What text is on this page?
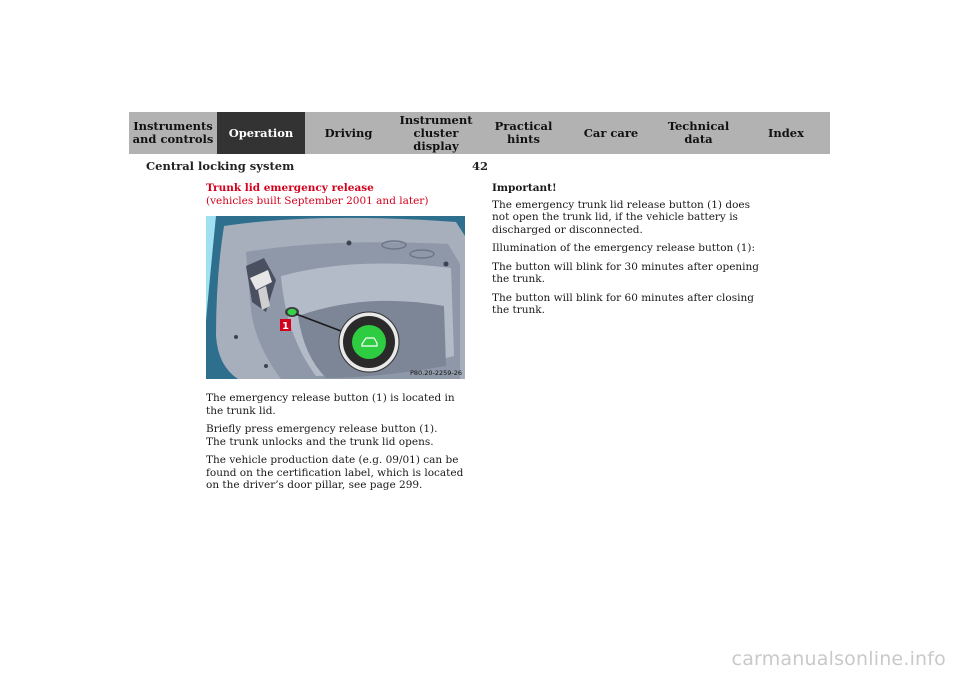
Instruments
and controls Operation	Driving
Instrument
cluster display
Practical hints	Car care	Technical
data	Index
Central locking system	42
Trunk lid emergency release
(vehicles built September 2001 and later)
1
P80.20-2259-26

The emergency release button (1) is located in the trunk lid.

Briefly press emergency release button (1).
The trunk unlocks and the trunk lid opens.

The vehicle production date (e.g. 09/01) can be found on the certification label, which is located on the driver’s door pillar, see page 299.

Important!

The emergency trunk lid release button (1) does not open the trunk lid, if the vehicle battery is discharged or disconnected.

Illumination of the emergency release button (1):

The button will blink for 30 minutes after opening the trunk.

The button will blink for 60 minutes after closing the trunk.

carmanualsonline.info
